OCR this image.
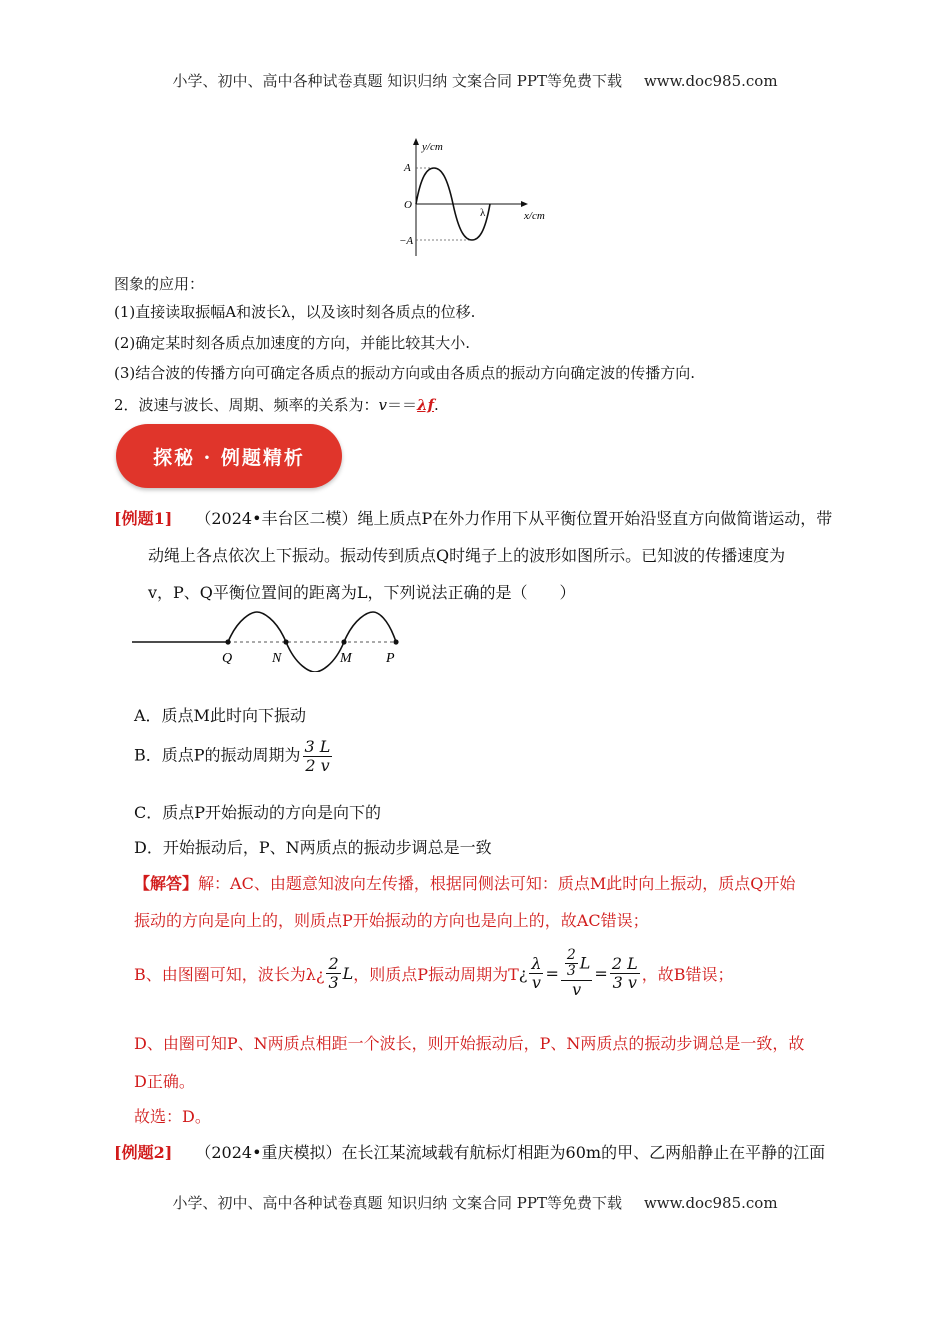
小学、初中、高中各种试卷真题 知识归纳 文案合同 PPT等免费下载 www.doc985.com
y/cm
A
O
−A
λ	x/cm
图象的应用：
(1)直接读取振幅A和波长λ，以及该时刻各质点的位移.
(2)确定某时刻各质点加速度的方向，并能比较其大小.
(3)结合波的传播方向可确定各质点的振动方向或由各质点的振动方向确定波的传播方向.
2．波速与波长、周期、频率的关系为：v＝＝λf.
探秘 · 例题精析
[例题1] （2024•丰台区二模）绳上质点P在外力作用下从平衡位置开始沿竖直方向做简谐运动，带
动绳上各点依次上下振动。振动传到质点Q时绳子上的波形如图所示。已知波的传播速度为
v，P、Q平衡位置间的距离为L，下列说法正确的是（　　）
Q	N	M P
A．质点M此时向下振动
B．质点P的振动周期为 $\frac{3 L}{2 v}$
C．质点P开始振动的方向是向下的
D．开始振动后，P、N两质点的振动步调总是一致
【解答】解：AC、由题意知波向左传播，根据同侧法可知：质点M此时向上振动，质点Q开始
振动的方向是向上的，则质点P开始振动的方向也是向上的，故AC错误；
B、由图圈可知，波长为λ¿ $\frac{2}{3}$ L，则质点P振动周期为T¿ $\frac{\lambda}{v} = \frac{\frac{2}{3} L}{v} = \frac{2 L}{3 v}$ ，故B错误；
D、由圈可知P、N两质点相距一个波长，则开始振动后，P、N两质点的振动步调总是一致，故
D正确。
故选：D。
[例题2] （2024•重庆模拟）在长江某流域载有航标灯相距为60m的甲、乙两船静止在平静的江面
小学、初中、高中各种试卷真题 知识归纳 文案合同 PPT等免费下载 www.doc985.com
